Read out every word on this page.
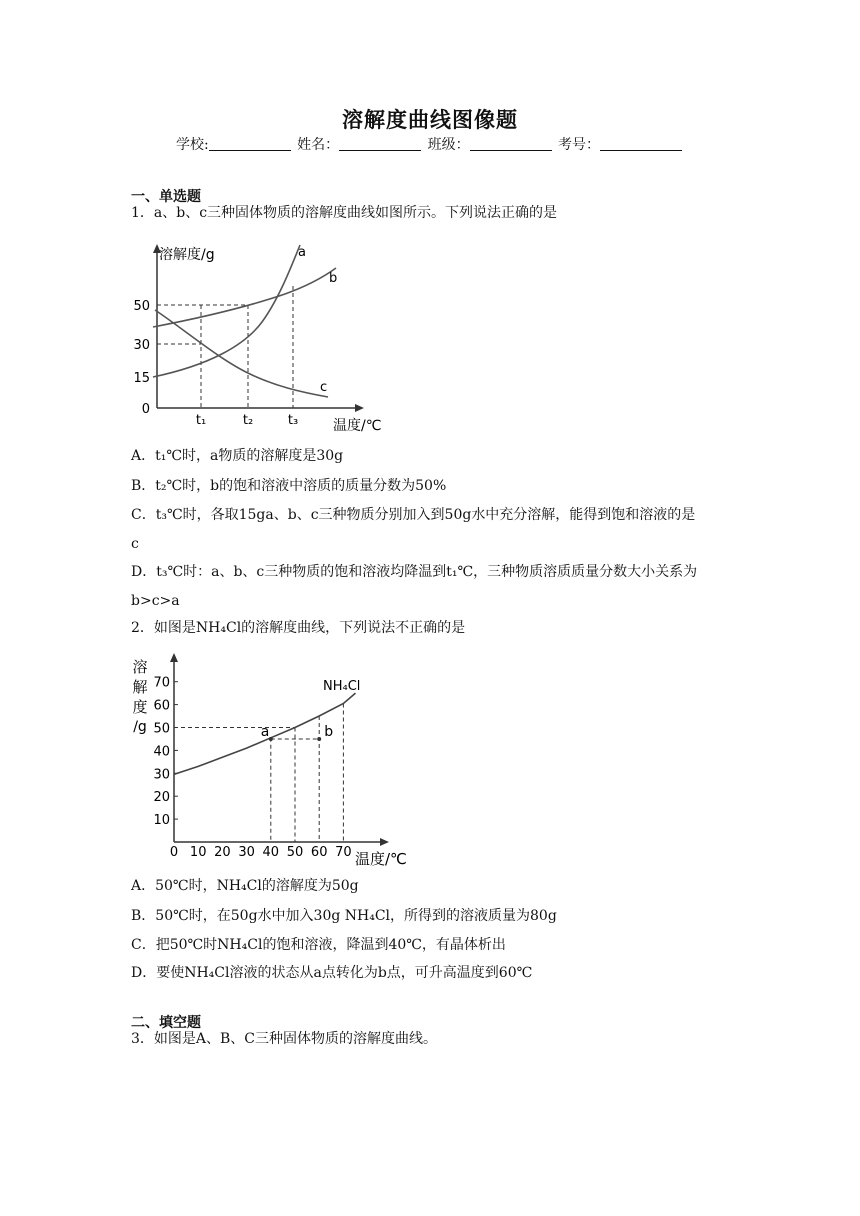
溶解度曲线图像题
学校:	姓名：	班级：	考号：
一、单选题
1．a、b、c三种固体物质的溶解度曲线如图所示。下列说法正确的是
溶解度/g
温度/℃
0
15
30
50
t₁	t₂	t₃
a
b
c
A．t₁℃时，a物质的溶解度是30g
B．t₂℃时，b的饱和溶液中溶质的质量分数为50%
C．t₃℃时，各取15ga、b、c三种物质分别加入到50g水中充分溶解，能得到饱和溶液的是
c
D．t₃℃时：a、b、c三种物质的饱和溶液均降温到t₁℃，三种物质溶质质量分数大小关系为
b>c>a
2．如图是NH₄Cl的溶解度曲线，下列说法不正确的是
溶
解
度
/g
0 10 20 30 40 50 60 70
10
20
30
40
50
60
70
a	b
NH₄Cl
温度/℃
A．50℃时，NH₄Cl的溶解度为50g
B．50℃时，在50g水中加入30g NH₄Cl，所得到的溶液质量为80g
C．把50℃时NH₄Cl的饱和溶液，降温到40℃，有晶体析出
D．要使NH₄Cl溶液的状态从a点转化为b点，可升高温度到60℃
二、填空题
3．如图是A、B、C三种固体物质的溶解度曲线。
